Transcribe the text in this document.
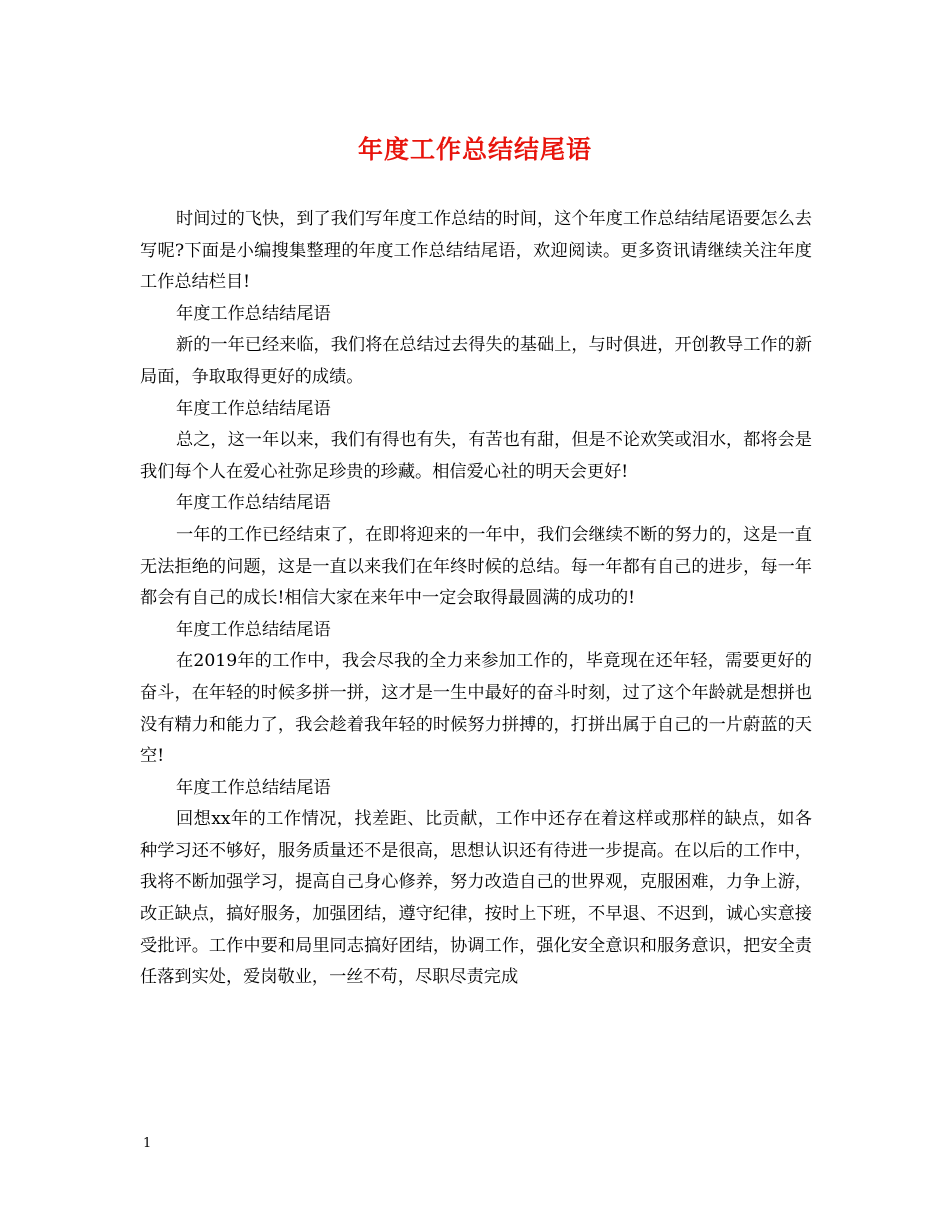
年度工作总结结尾语

时间过的飞快，到了我们写年度工作总结的时间，这个年度工作总结结尾语要怎么去写呢?下面是小编搜集整理的年度工作总结结尾语，欢迎阅读。更多资讯请继续关注年度工作总结栏目!

年度工作总结结尾语

新的一年已经来临，我们将在总结过去得失的基础上，与时俱进，开创教导工作的新局面，争取取得更好的成绩。

年度工作总结结尾语

总之，这一年以来，我们有得也有失，有苦也有甜，但是不论欢笑或泪水，都将会是我们每个人在爱心社弥足珍贵的珍藏。相信爱心社的明天会更好!

年度工作总结结尾语

一年的工作已经结束了，在即将迎来的一年中，我们会继续不断的努力的，这是一直无法拒绝的问题，这是一直以来我们在年终时候的总结。每一年都有自己的进步，每一年都会有自己的成长!相信大家在来年中一定会取得最圆满的成功的!

年度工作总结结尾语

在2019年的工作中，我会尽我的全力来参加工作的，毕竟现在还年轻，需要更好的奋斗，在年轻的时候多拼一拼，这才是一生中最好的奋斗时刻，过了这个年龄就是想拼也没有精力和能力了，我会趁着我年轻的时候努力拼搏的，打拼出属于自己的一片蔚蓝的天空!

年度工作总结结尾语

回想xx年的工作情况，找差距、比贡献，工作中还存在着这样或那样的缺点，如各种学习还不够好，服务质量还不是很高，思想认识还有待进一步提高。在以后的工作中，我将不断加强学习，提高自己身心修养，努力改造自己的世界观，克服困难，力争上游，改正缺点，搞好服务，加强团结，遵守纪律，按时上下班，不早退、不迟到，诚心实意接受批评。工作中要和局里同志搞好团结，协调工作，强化安全意识和服务意识，把安全责任落到实处，爱岗敬业，一丝不苟，尽职尽责完成

1
